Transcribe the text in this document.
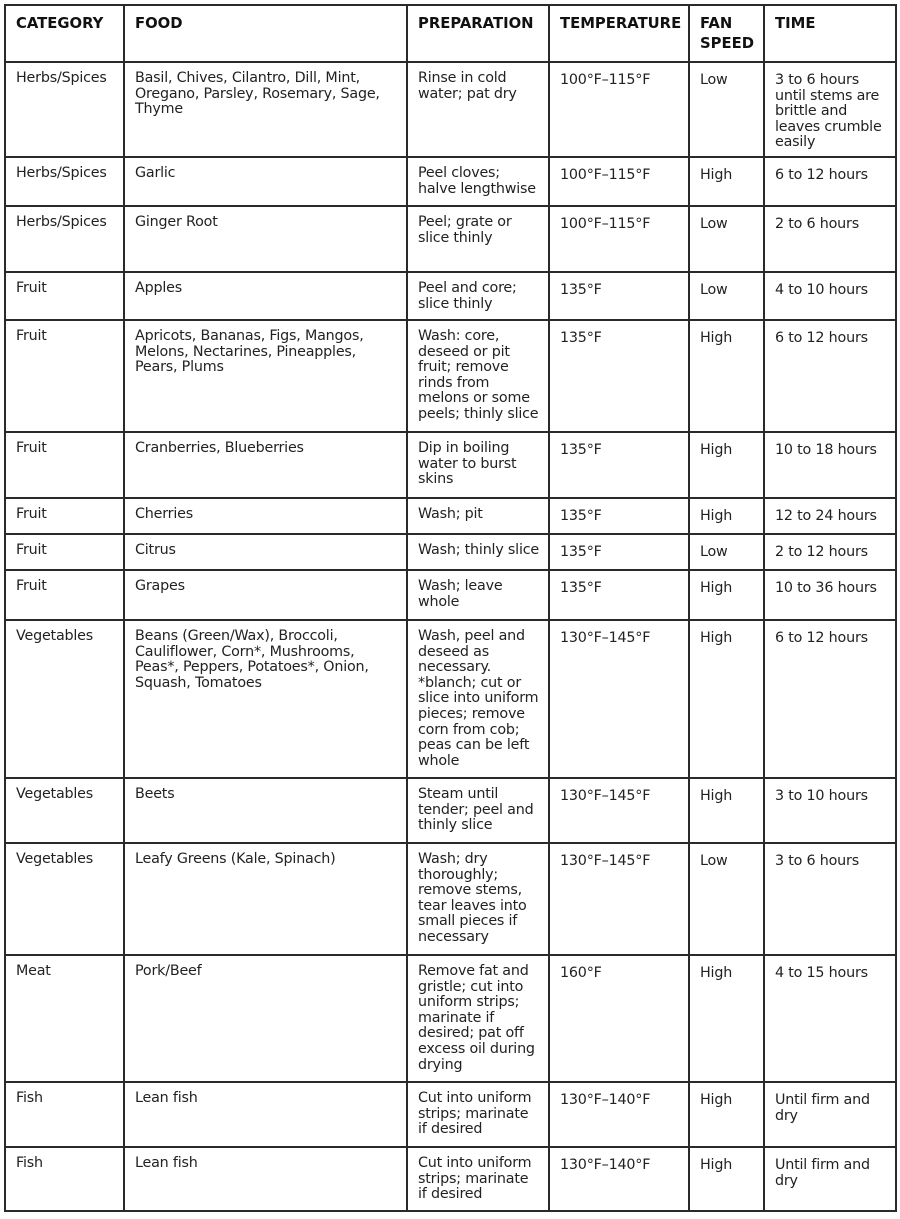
CATEGORY	FOOD	PREPARATION	TEMPERATURE	FAN SPEED	TIME
Herbs/Spices	Basil, Chives, Cilantro, Dill, Mint, Oregano, Parsley, Rosemary, Sage, Thyme	Rinse in cold water; pat dry	100°F–115°F	Low	3 to 6 hours until stems are brittle and leaves crumble easily
Herbs/Spices	Garlic	Peel cloves; halve lengthwise	100°F–115°F	High	6 to 12 hours
Herbs/Spices	Ginger Root	Peel; grate or slice thinly	100°F–115°F	Low	2 to 6 hours
Fruit	Apples	Peel and core; slice thinly	135°F	Low	4 to 10 hours
Fruit	Apricots, Bananas, Figs, Mangos, Melons, Nectarines, Pineapples, Pears, Plums	Wash: core, deseed or pit fruit; remove rinds from melons or some peels; thinly slice	135°F	High	6 to 12 hours
Fruit	Cranberries, Blueberries	Dip in boiling water to burst skins	135°F	High	10 to 18 hours
Fruit	Cherries	Wash; pit	135°F	High	12 to 24 hours
Fruit	Citrus	Wash; thinly slice	135°F	Low	2 to 12 hours
Fruit	Grapes	Wash; leave whole	135°F	High	10 to 36 hours
Vegetables	Beans (Green/Wax), Broccoli, Cauliflower, Corn*, Mushrooms, Peas*, Peppers, Potatoes*, Onion, Squash, Tomatoes	Wash, peel and deseed as necessary. *blanch; cut or slice into uniform pieces; remove corn from cob; peas can be left whole	130°F–145°F	High	6 to 12 hours
Vegetables	Beets	Steam until tender; peel and thinly slice	130°F–145°F	High	3 to 10 hours
Vegetables	Leafy Greens (Kale, Spinach)	Wash; dry thoroughly; remove stems, tear leaves into small pieces if necessary	130°F–145°F	Low	3 to 6 hours
Meat	Pork/Beef	Remove fat and gristle; cut into uniform strips; marinate if desired; pat off excess oil during drying	160°F	High	4 to 15 hours
Fish	Lean fish	Cut into uniform strips; marinate if desired	130°F–140°F	High	Until firm and dry
Fish	Lean fish	Cut into uniform strips; marinate if desired	130°F–140°F	High	Until firm and dry
